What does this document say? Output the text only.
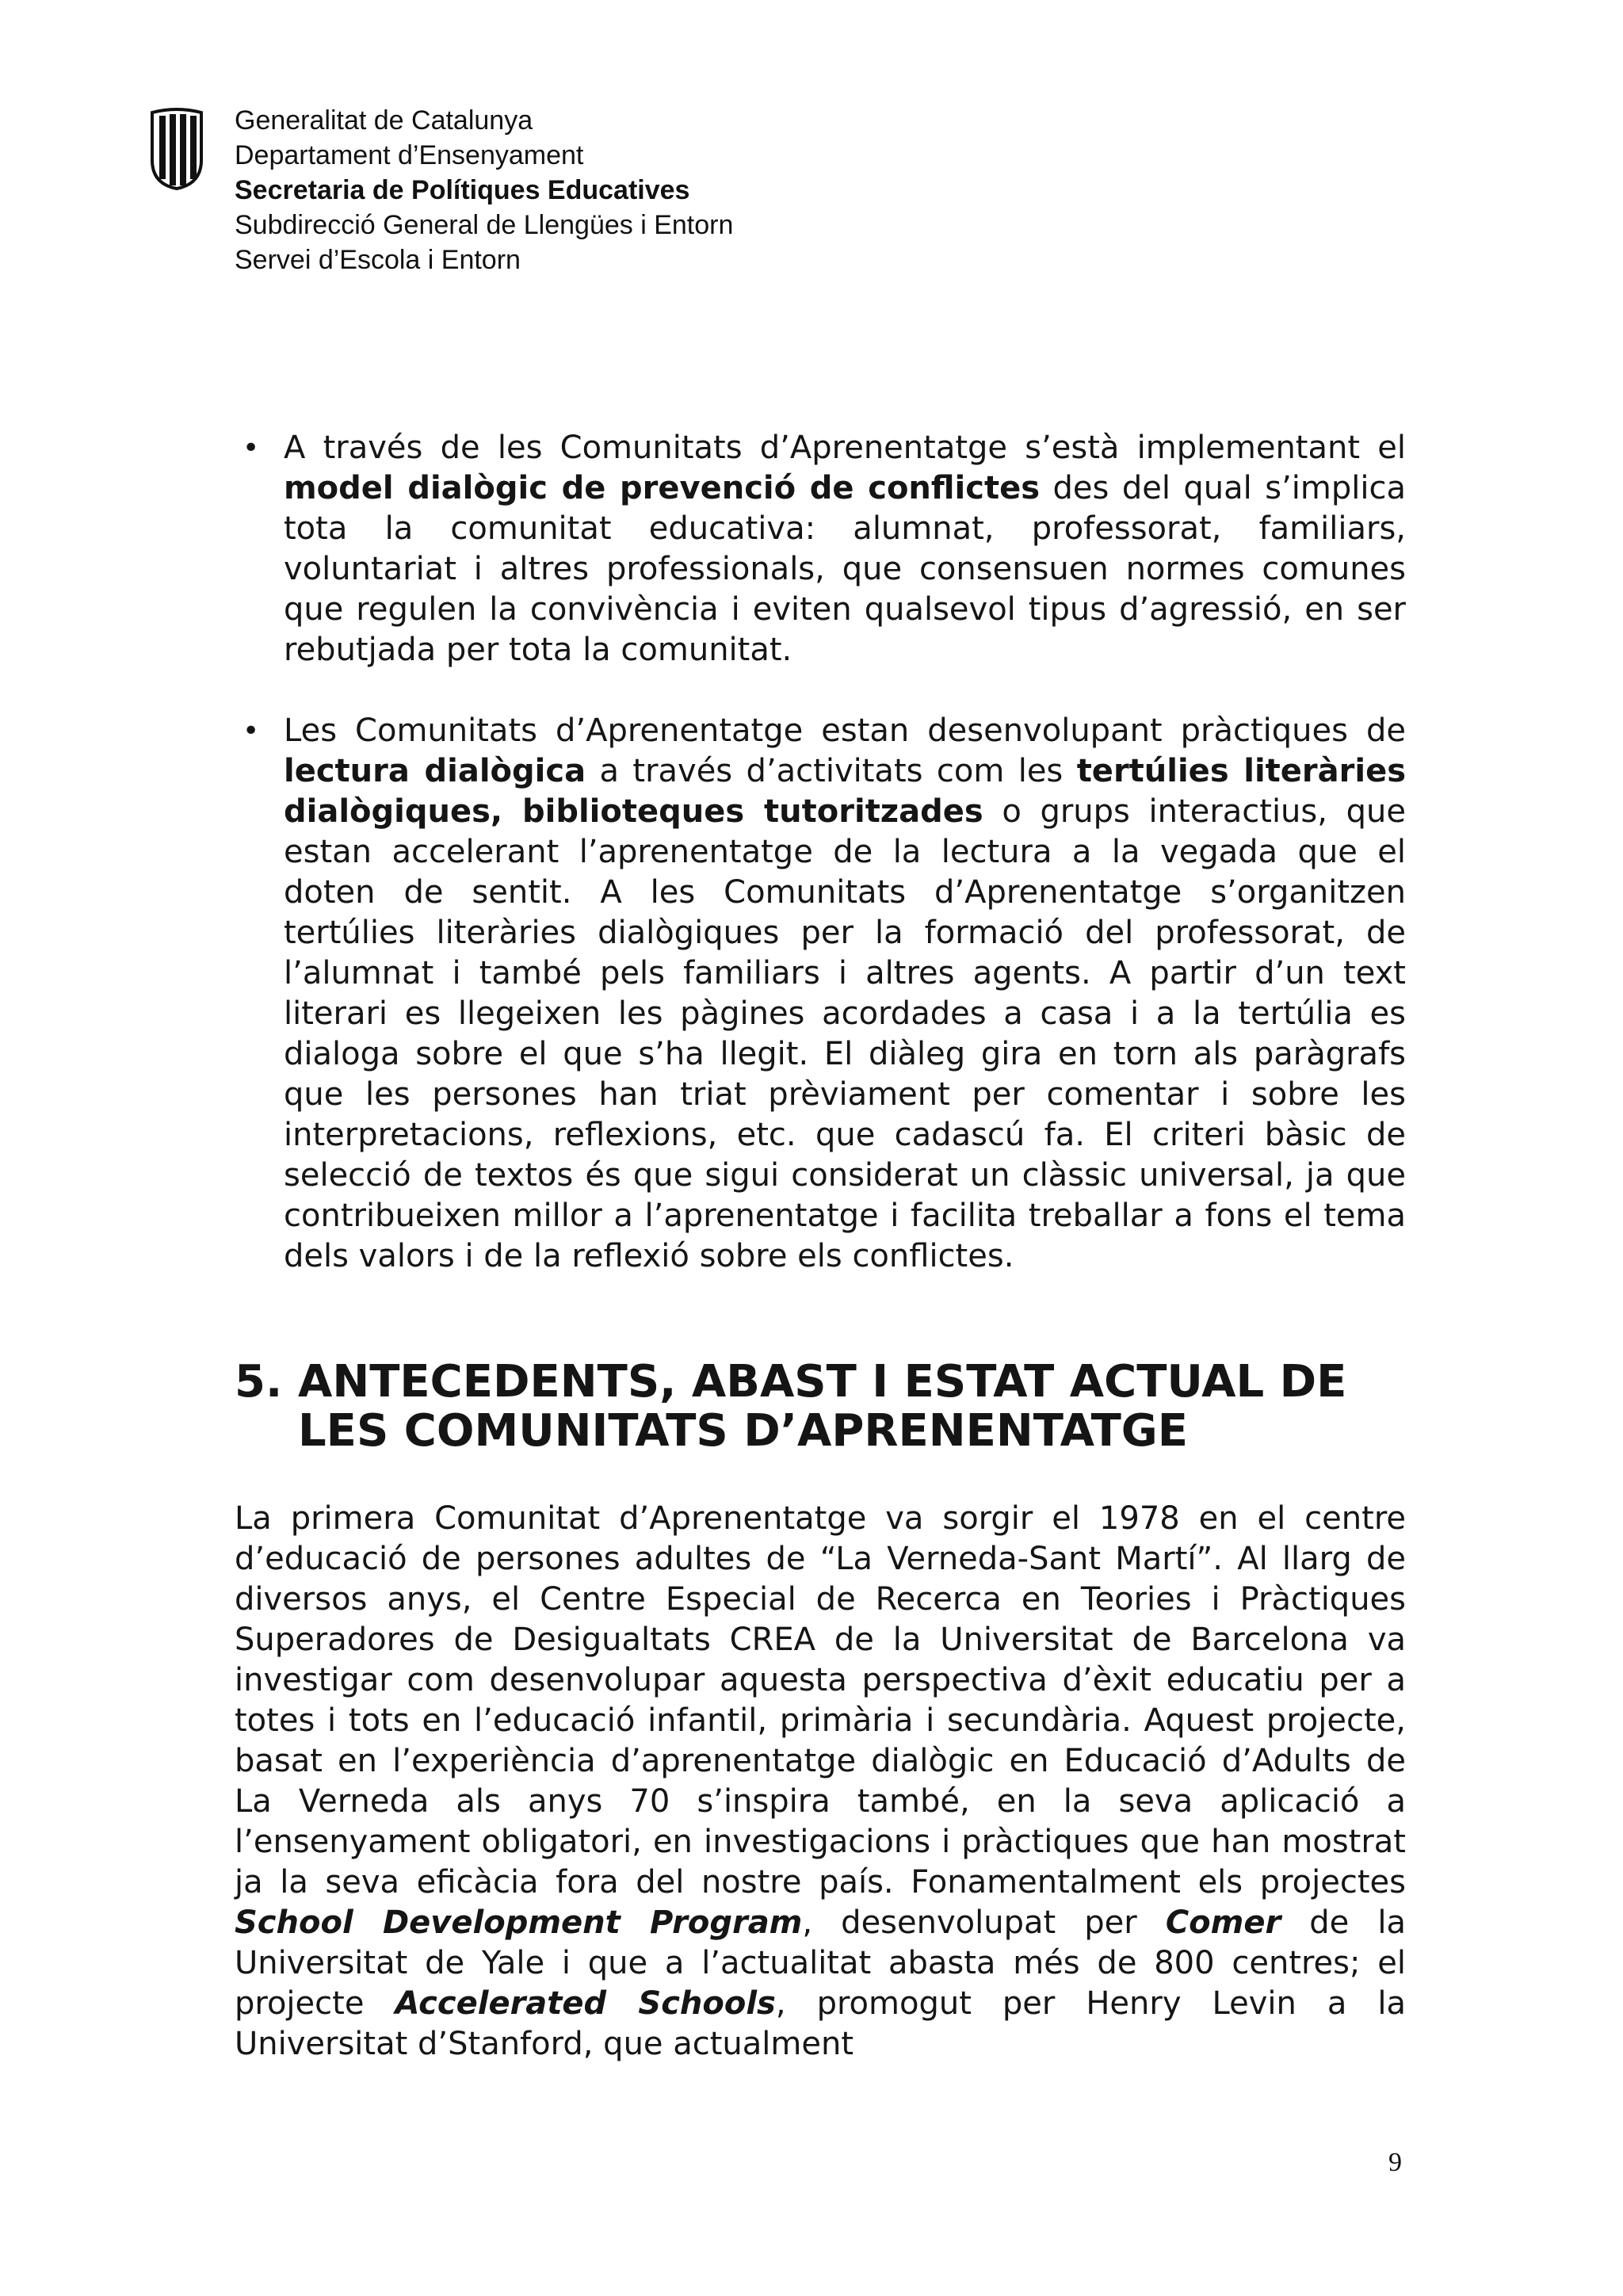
Generalitat de Catalunya
Departament d’Ensenyament
Secretaria de Polítiques Educatives
Subdirecció General de Llengües i Entorn
Servei d’Escola i Entorn
• A través de les Comunitats d’Aprenentatge s’està implementant el model dialògic de prevenció de conflictes des del qual s’implica tota la comunitat educativa: alumnat, professorat, familiars, voluntariat i altres professionals, que consensuen normes comunes que regulen la convivència i eviten qualsevol tipus d’agressió, en ser rebutjada per tota la comunitat.
• Les Comunitats d’Aprenentatge estan desenvolupant pràctiques de lectura dialògica a través d’activitats com les tertúlies literàries dialògiques, biblioteques tutoritzades o grups interactius, que estan accelerant l’aprenentatge de la lectura a la vegada que el doten de sentit. A les Comunitats d’Aprenentatge s’organitzen tertúlies literàries dialògiques per la formació del professorat, de l’alumnat i també pels familiars i altres agents. A partir d’un text literari es llegeixen les pàgines acordades a casa i a la tertúlia es dialoga sobre el que s’ha llegit. El diàleg gira en torn als paràgrafs que les persones han triat prèviament per comentar i sobre les interpretacions, reflexions, etc. que cadascú fa. El criteri bàsic de selecció de textos és que sigui considerat un clàssic universal, ja que contribueixen millor a l’aprenentatge i facilita treballar a fons el tema dels valors i de la reflexió sobre els conflictes.
5. ANTECEDENTS, ABAST I ESTAT ACTUAL DE
LES COMUNITATS D’APRENENTATGE

La primera Comunitat d’Aprenentatge va sorgir el 1978 en el centre d’educació de persones adultes de “La Verneda-Sant Martí”. Al llarg de diversos anys, el Centre Especial de Recerca en Teories i Pràctiques Superadores de Desigualtats CREA de la Universitat de Barcelona va investigar com desenvolupar aquesta perspectiva d’èxit educatiu per a totes i tots en l’educació infantil, primària i secundària. Aquest projecte, basat en l’experiència d’aprenentatge dialògic en Educació d’Adults de La Verneda als anys 70 s’inspira també, en la seva aplicació a l’ensenyament obligatori, en investigacions i pràctiques que han mostrat ja la seva eficàcia fora del nostre país. Fonamentalment els projectes School Development Program, desenvolupat per Comer de la Universitat de Yale i que a l’actualitat abasta més de 800 centres; el projecte Accelerated Schools, promogut per Henry Levin a la Universitat d’Stanford, que actualment

9
